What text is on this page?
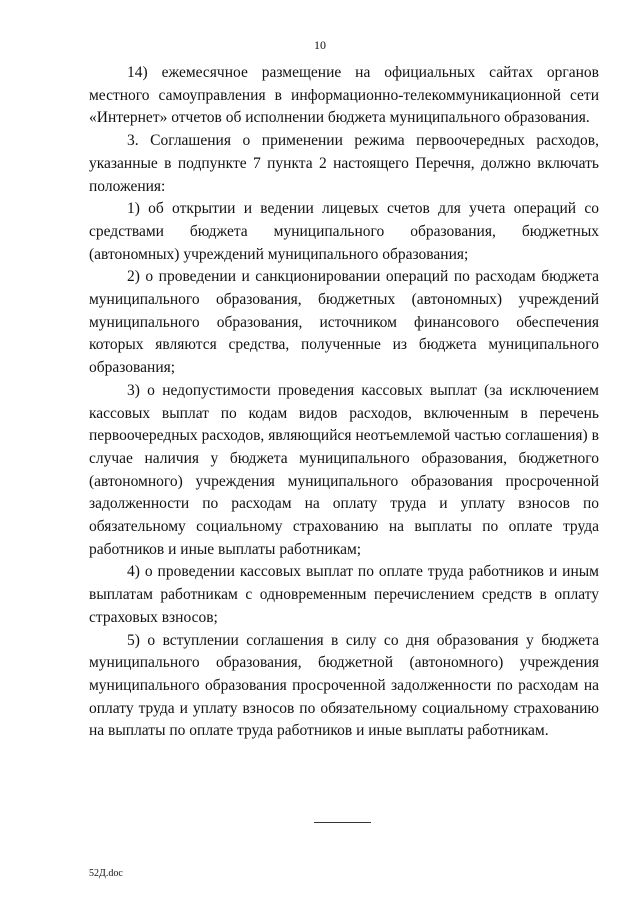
10

14) ежемесячное размещение на официальных сайтах органов местного самоуправления в информационно-телекоммуникационной сети «Интернет» отчетов об исполнении бюджета муниципального образования.

3. Соглашения о применении режима первоочередных расходов, указанные в подпункте 7 пункта 2 настоящего Перечня, должно включать положения:

1) об открытии и ведении лицевых счетов для учета операций со средствами бюджета муниципального образования, бюджетных (автономных) учреждений муниципального образования;

2) о проведении и санкционировании операций по расходам бюджета муниципального образования, бюджетных (автономных) учреждений муниципального образования, источником финансового обеспечения которых являются средства, полученные из бюджета муниципального образования;

3) о недопустимости проведения кассовых выплат (за исключением кассовых выплат по кодам видов расходов, включенным в перечень первоочередных расходов, являющийся неотъемлемой частью соглашения) в случае наличия у бюджета муниципального образования, бюджетного (автономного) учреждения муниципального образования просроченной задолженности по расходам на оплату труда и уплату взносов по обязательному социальному страхованию на выплаты по оплате труда работников и иные выплаты работникам;

4) о проведении кассовых выплат по оплате труда работников и иным выплатам работникам с одновременным перечислением средств в оплату страховых взносов;

5) о вступлении соглашения в силу со дня образования у бюджета муниципального образования, бюджетной (автономного) учреждения муниципального образования просроченной задолженности по расходам на оплату труда и уплату взносов по обязательному социальному страхованию на выплаты по оплате труда работников и иные выплаты работникам.

52Д.doc
